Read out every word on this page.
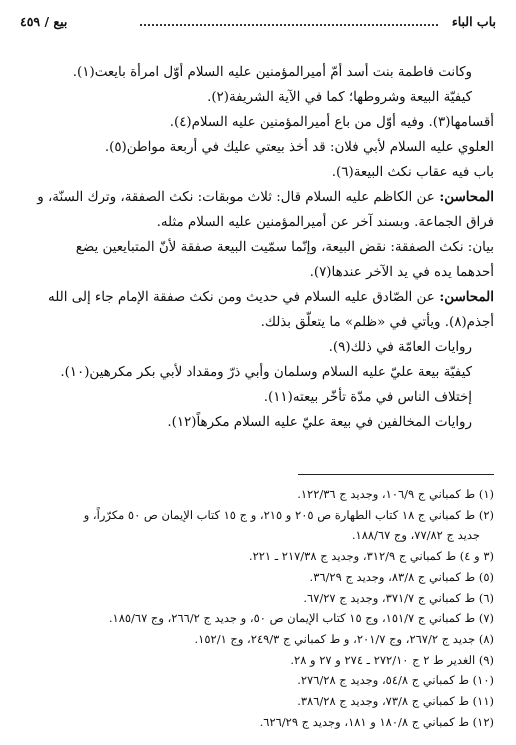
باب الباء
بيع / ٤٥٩
وكانت فاطمة بنت أسد أمّ أميرالمؤمنين عليه السلام أوّل امرأة بايعت(١).
كيفيّة البيعة وشروطها؛ كما في الآية الشريفة(٢).
أقسامها(٣). وفيه أوّل من باع أميرالمؤمنين عليه السلام(٤).
العلوي عليه السلام لأبي فلان: قد أخذ بيعتي عليك في أربعة مواطن(٥).
باب فيه عقاب نكث البيعة(٦).
المحاسن: عن الكاظم عليه السلام قال: ثلاث موبقات: نكث الصفقة، وترك السنّة، و
فراق الجماعة. وبسند آخر عن أميرالمؤمنين عليه السلام مثله.
بيان: نكث الصفقة: نقض البيعة، وإنّما سمّيت البيعة صفقة لأنّ المتبايعين يضع
أحدهما يده في يد الآخر عندها(٧).
المحاسن: عن الصّادق عليه السلام في حديث ومن نكث صفقة الإمام جاء إلى الله
أجذم(٨). ويأتي في «ظلم» ما يتعلّق بذلك.
روايات العامّة في ذلك(٩).
كيفيّة بيعة عليّ عليه السلام وسلمان وأبي ذرّ ومقداد لأبي بكر مكرهين(١٠).
إختلاف الناس في مدّة تأخّر بيعته(١١).
روايات المخالفين في بيعة عليّ عليه السلام مكرهاً(١٢).
(١) ط كمباني ج ١٠٦/٩، وجديد ج ١٢٢/٣٦.
(٢) ط كمباني ج ١٨ كتاب الطهارة ص ٢٠٥ و ٢١٥، و ج ١٥ كتاب الإيمان ص ٥٠ مكرّراً، و
جديد ج ٧٧/٨٢، وج ١٨٨/٦٧.
(٣ و ٤) ط كمباني ج ٣١٢/٩، وجديد ج ٢١٧/٣٨ ـ ٢٢١.
(٥) ط كمباني ج ٨٣/٨، وجديد ج ٣٦/٢٩.
(٦) ط كمباني ج ٣٧١/٧، وجديد ج ٦٧/٢٧.
(٧) ط كمباني ج ١٥١/٧، وج ١٥ كتاب الإيمان ص ٥٠، و جديد ج ٢٦٦/٢، وج ١٨٥/٦٧.
(٨) جديد ج ٢٦٧/٢، وج ٢٠١/٧، و ط كمباني ج ٢٤٩/٣، وج ١٥٢/١.
(٩) الغدير ط ٢ ج ٢٧٢/١٠ ـ ٢٧٤ و ٢٧ و ٢٨.
(١٠) ط كمباني ج ٥٤/٨، وجديد ج ٢٧٦/٢٨.
(١١) ط كمباني ج ٧٣/٨، وجديد ج ٣٨٦/٢٨.
(١٢) ط كمباني ج ١٨٠/٨ و ١٨١، وجديد ج ٦٢٦/٢٩.
